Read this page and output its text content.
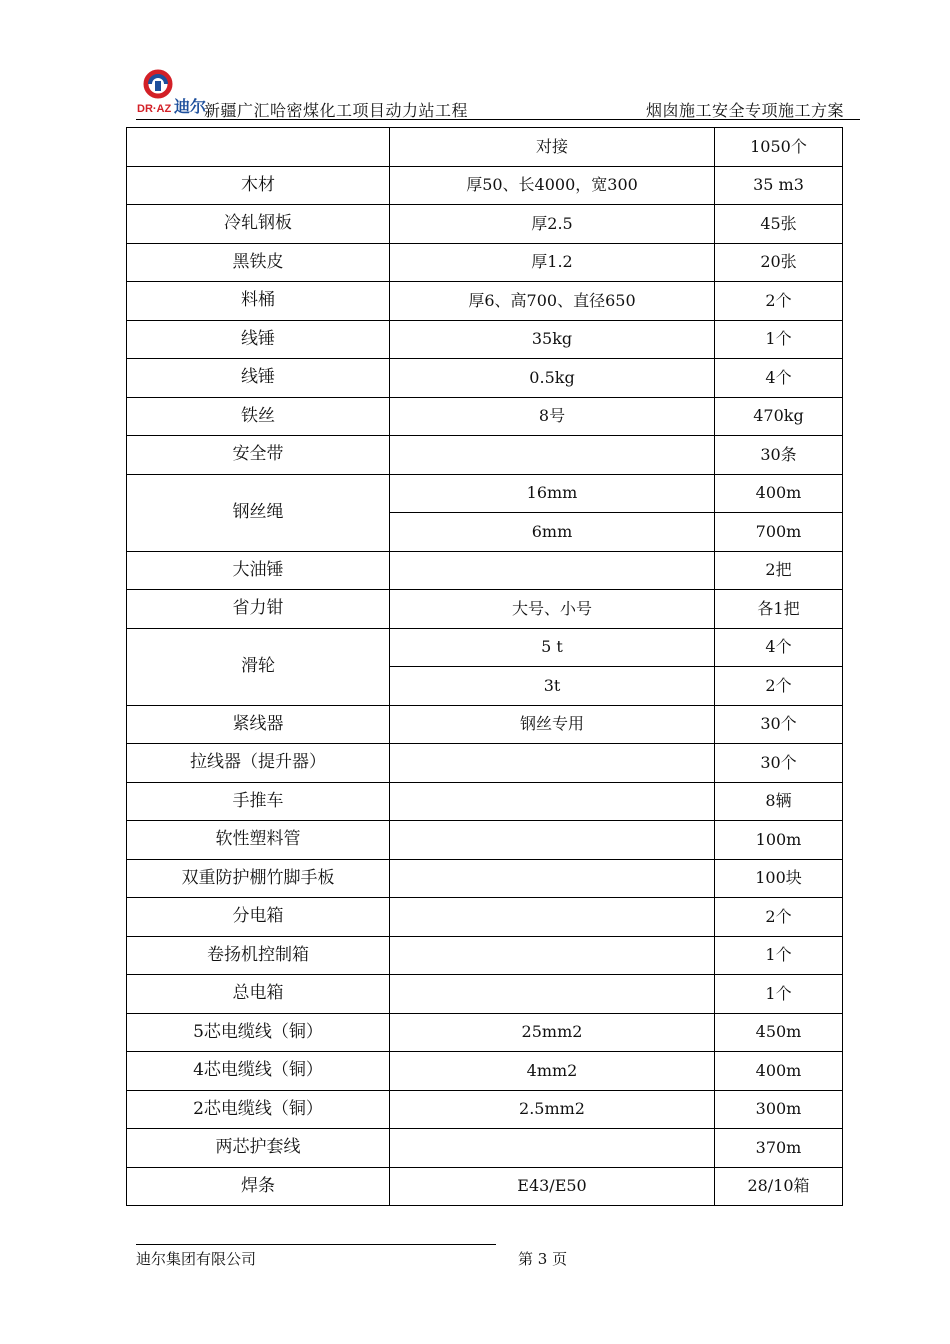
DR·AZ 迪尔
新疆广汇哈密煤化工项目动力站工程	烟囱施工安全专项施工方案
	对接	1050个
木材	厚50、长4000，宽300	35 m3
冷轧钢板	厚2.5	45张
黑铁皮	厚1.2	20张
料桶	厚6、高700、直径650	2个
线锤	35kg	1个
线锤	0.5kg	4个
铁丝	8号	470kg
安全带		30条
钢丝绳	16mm	400m
	6mm	700m
大油锤		2把
省力钳	大号、小号	各1把
滑轮	5 t	4个
	3t	2个
紧线器	钢丝专用	30个
拉线器（提升器）		30个
手推车		8辆
软性塑料管		100m
双重防护棚竹脚手板		100块
分电箱		2个
卷扬机控制箱		1个
总电箱		1个
5芯电缆线（铜）	25mm2	450m
4芯电缆线（铜）	4mm2	400m
2芯电缆线（铜）	2.5mm2	300m
两芯护套线		370m
焊条	E43/E50	28/10箱
迪尔集团有限公司	第 3 页
